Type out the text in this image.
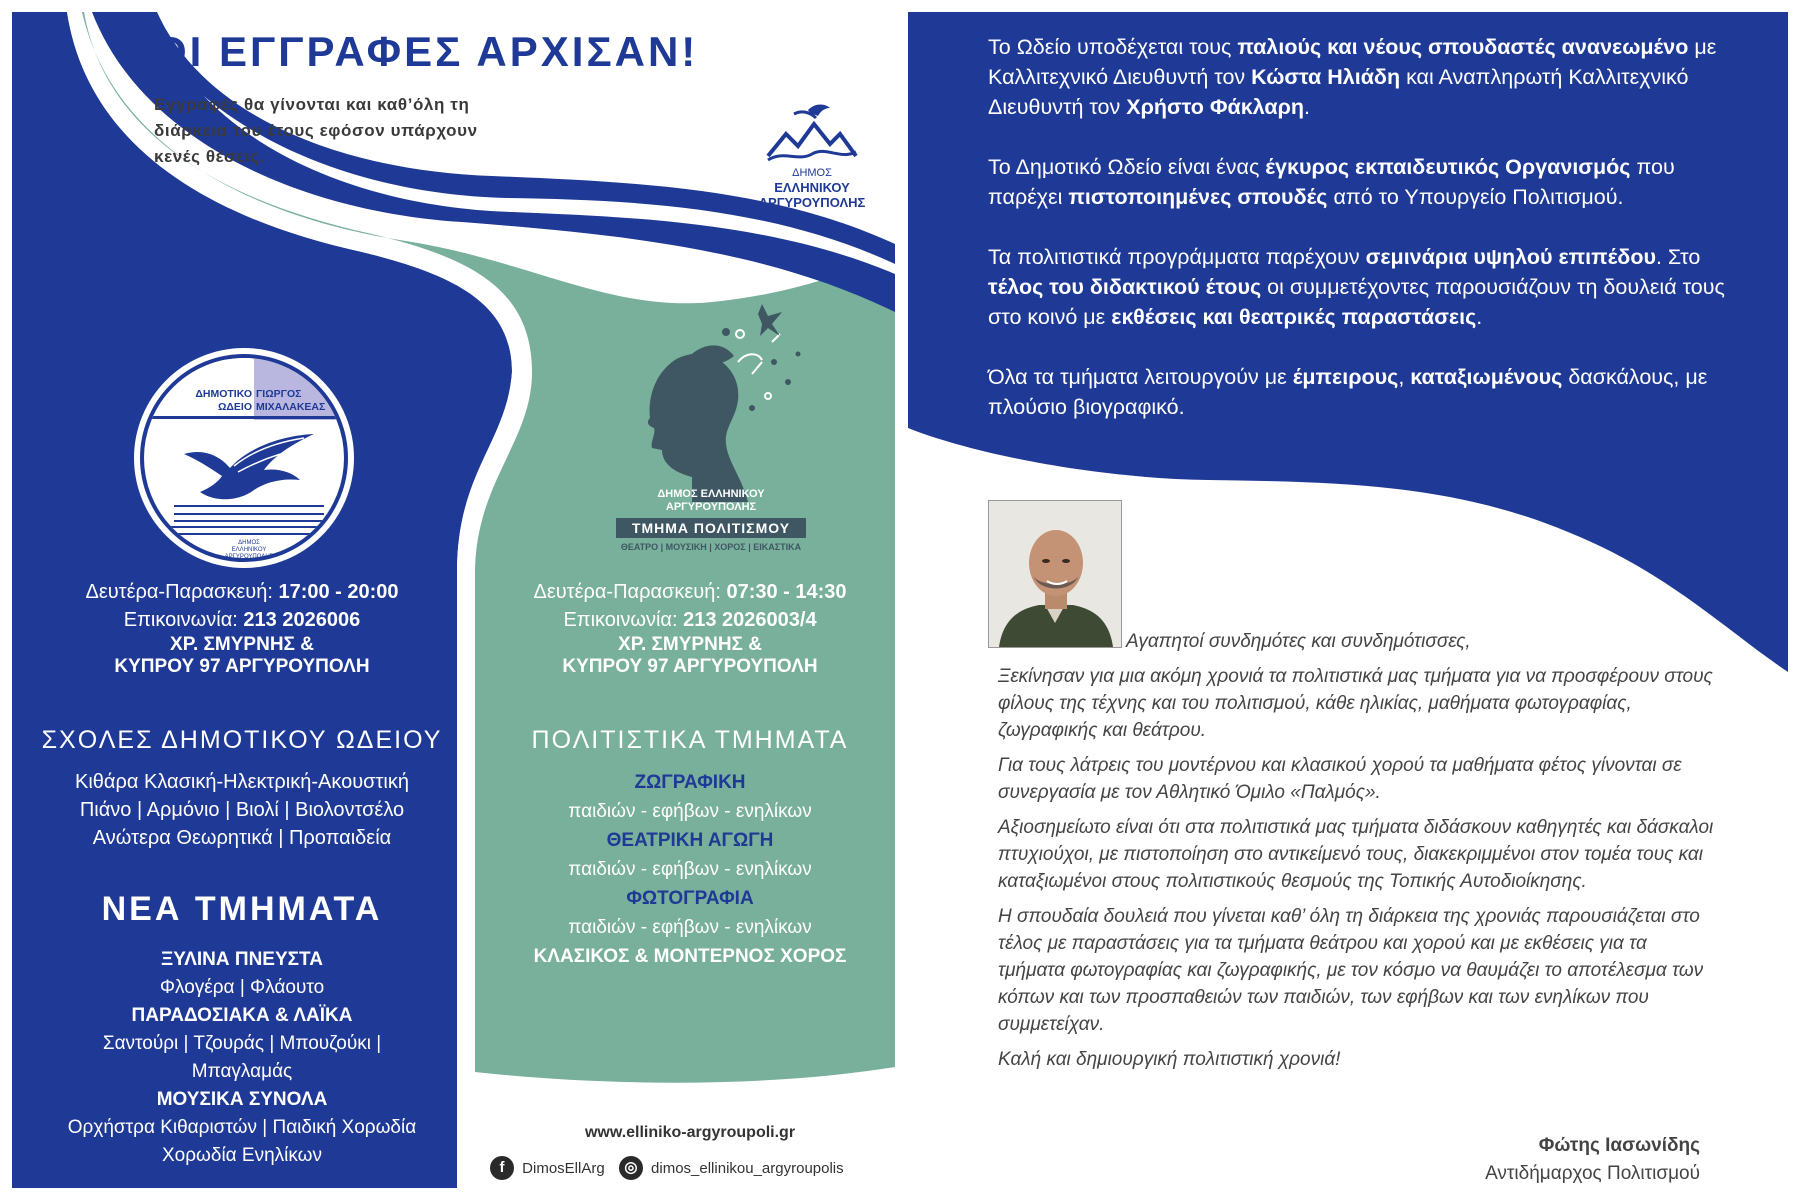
ΟΙ ΕΓΓΡΑΦΕΣ ΑΡΧΙΣΑΝ!
Εγγραφές θα γίνονται και καθ’όλη τη διάρκεια του έτους εφόσον υπάρχουν κενές θέσεις.
ΔΗΜΟΣ
ΕΛΛΗΝΙΚΟΥ
ΑΡΓΥΡΟΥΠΟΛΗΣ
ΔΗΜΟΤΙΚΟ
ΩΔΕΙΟ
ΓΙΩΡΓΟΣ
ΜΙΧΑΛΑΚΕΑΣ
ΔΗΜΟΣ
ΕΛΛΗΝΙΚΟΥ
ΑΡΓΥΡΟΥΠΟΛΗΣ
ΔΗΜΟΣ ΕΛΛΗΝΙΚΟΥ
ΑΡΓΥΡΟΥΠΟΛΗΣ
ΤΜΗΜΑ ΠΟΛΙΤΙΣΜΟΥ
ΘΕΑΤΡΟ | ΜΟΥΣΙΚΗ | ΧΟΡΟΣ | ΕΙΚΑΣΤΙΚΑ
Δευτέρα-Παρασκευή: 17:00 - 20:00
Επικοινωνία: 213 2026006
ΧΡ. ΣΜΥΡΝΗΣ &
ΚΥΠΡΟΥ 97 ΑΡΓΥΡΟΥΠΟΛΗ
ΣΧΟΛΕΣ ΔΗΜΟΤΙΚΟΥ ΩΔΕΙΟΥ
Κιθάρα Κλασική-Ηλεκτρική-Ακουστική
Πιάνο | Αρμόνιο | Βιολί | Βιολοντσέλο
Ανώτερα Θεωρητικά | Προπαιδεία
ΝΕΑ ΤΜΗΜΑΤΑ
ΞΥΛΙΝΑ ΠΝΕΥΣΤΑ
Φλογέρα | Φλάουτο
ΠΑΡΑΔΟΣΙΑΚΑ & ΛΑΪΚΑ
Σαντούρι | Τζουράς | Μπουζούκι |
Μπαγλαμάς
ΜΟΥΣΙΚΑ ΣΥΝΟΛΑ
Ορχήστρα Κιθαριστών | Παιδική Χορωδία
Χορωδία Ενηλίκων
Δευτέρα-Παρασκευή: 07:30 - 14:30
Επικοινωνία: 213 2026003/4
ΧΡ. ΣΜΥΡΝΗΣ &
ΚΥΠΡΟΥ 97 ΑΡΓΥΡΟΥΠΟΛΗ
ΠΟΛΙΤΙΣΤΙΚΑ ΤΜΗΜΑΤΑ
ΖΩΓΡΑΦΙΚΗ
παιδιών - εφήβων - ενηλίκων
ΘΕΑΤΡΙΚΗ ΑΓΩΓΗ
παιδιών - εφήβων - ενηλίκων
ΦΩΤΟΓΡΑΦΙΑ
παιδιών - εφήβων - ενηλίκων
ΚΛΑΣΙΚΟΣ & ΜΟΝΤΕΡΝΟΣ ΧΟΡΟΣ
www.elliniko-argyroupoli.gr
f DimosEllArg ◎ dimos_ellinikou_argyroupolis

Το Ωδείο υποδέχεται τους παλιούς και νέους σπουδαστές ανανεωμένο με Καλλιτεχνικό Διευθυντή τον Κώστα Ηλιάδη και Αναπληρωτή Καλλιτεχνικό Διευθυντή τον Χρήστο Φάκλαρη.

Το Δημοτικό Ωδείο είναι ένας έγκυρος εκπαιδευτικός Οργανισμός που παρέχει πιστοποιημένες σπουδές από το Υπουργείο Πολιτισμού.

Τα πολιτιστικά προγράμματα παρέχουν σεμινάρια υψηλού επιπέδου. Στο τέλος του διδακτικού έτους οι συμμετέχοντες παρουσιάζουν τη δουλειά τους στο κοινό με εκθέσεις και θεατρικές παραστάσεις.

Όλα τα τμήματα λειτουργούν με έμπειρους, καταξιωμένους δασκάλους, με πλούσιο βιογραφικό.

Αγαπητοί συνδημότες και συνδημότισσες,

Ξεκίνησαν για μια ακόμη χρονιά τα πολιτιστικά μας τμήματα για να προσφέρουν στους φίλους της τέχνης και του πολιτισμού, κάθε ηλικίας, μαθήματα φωτογραφίας, ζωγραφικής και θεάτρου.

Για τους λάτρεις του μοντέρνου και κλασικού χορού τα μαθήματα φέτος γίνονται σε συνεργασία με τον Αθλητικό Όμιλο «Παλμός».

Αξιοσημείωτο είναι ότι στα πολιτιστικά μας τμήματα διδάσκουν καθηγητές και δάσκαλοι πτυχιούχοι, με πιστοποίηση στο αντικείμενό τους, διακεκριμμένοι στον τομέα τους και καταξιωμένοι στους πολιτιστικούς θεσμούς της Τοπικής Αυτοδιοίκησης.

Η σπουδαία δουλειά που γίνεται καθ’ όλη τη διάρκεια της χρονιάς παρουσιάζεται στο τέλος με παραστάσεις για τα τμήματα θεάτρου και χορού και με εκθέσεις για τα τμήματα φωτογραφίας και ζωγραφικής, με τον κόσμο να θαυμάζει το αποτέλεσμα των κόπων και των προσπαθειών των παιδιών, των εφήβων και των ενηλίκων που συμμετείχαν.

Καλή και δημιουργική πολιτιστική χρονιά!

Φώτης Ιασωνίδης
Αντιδήμαρχος Πολιτισμού
